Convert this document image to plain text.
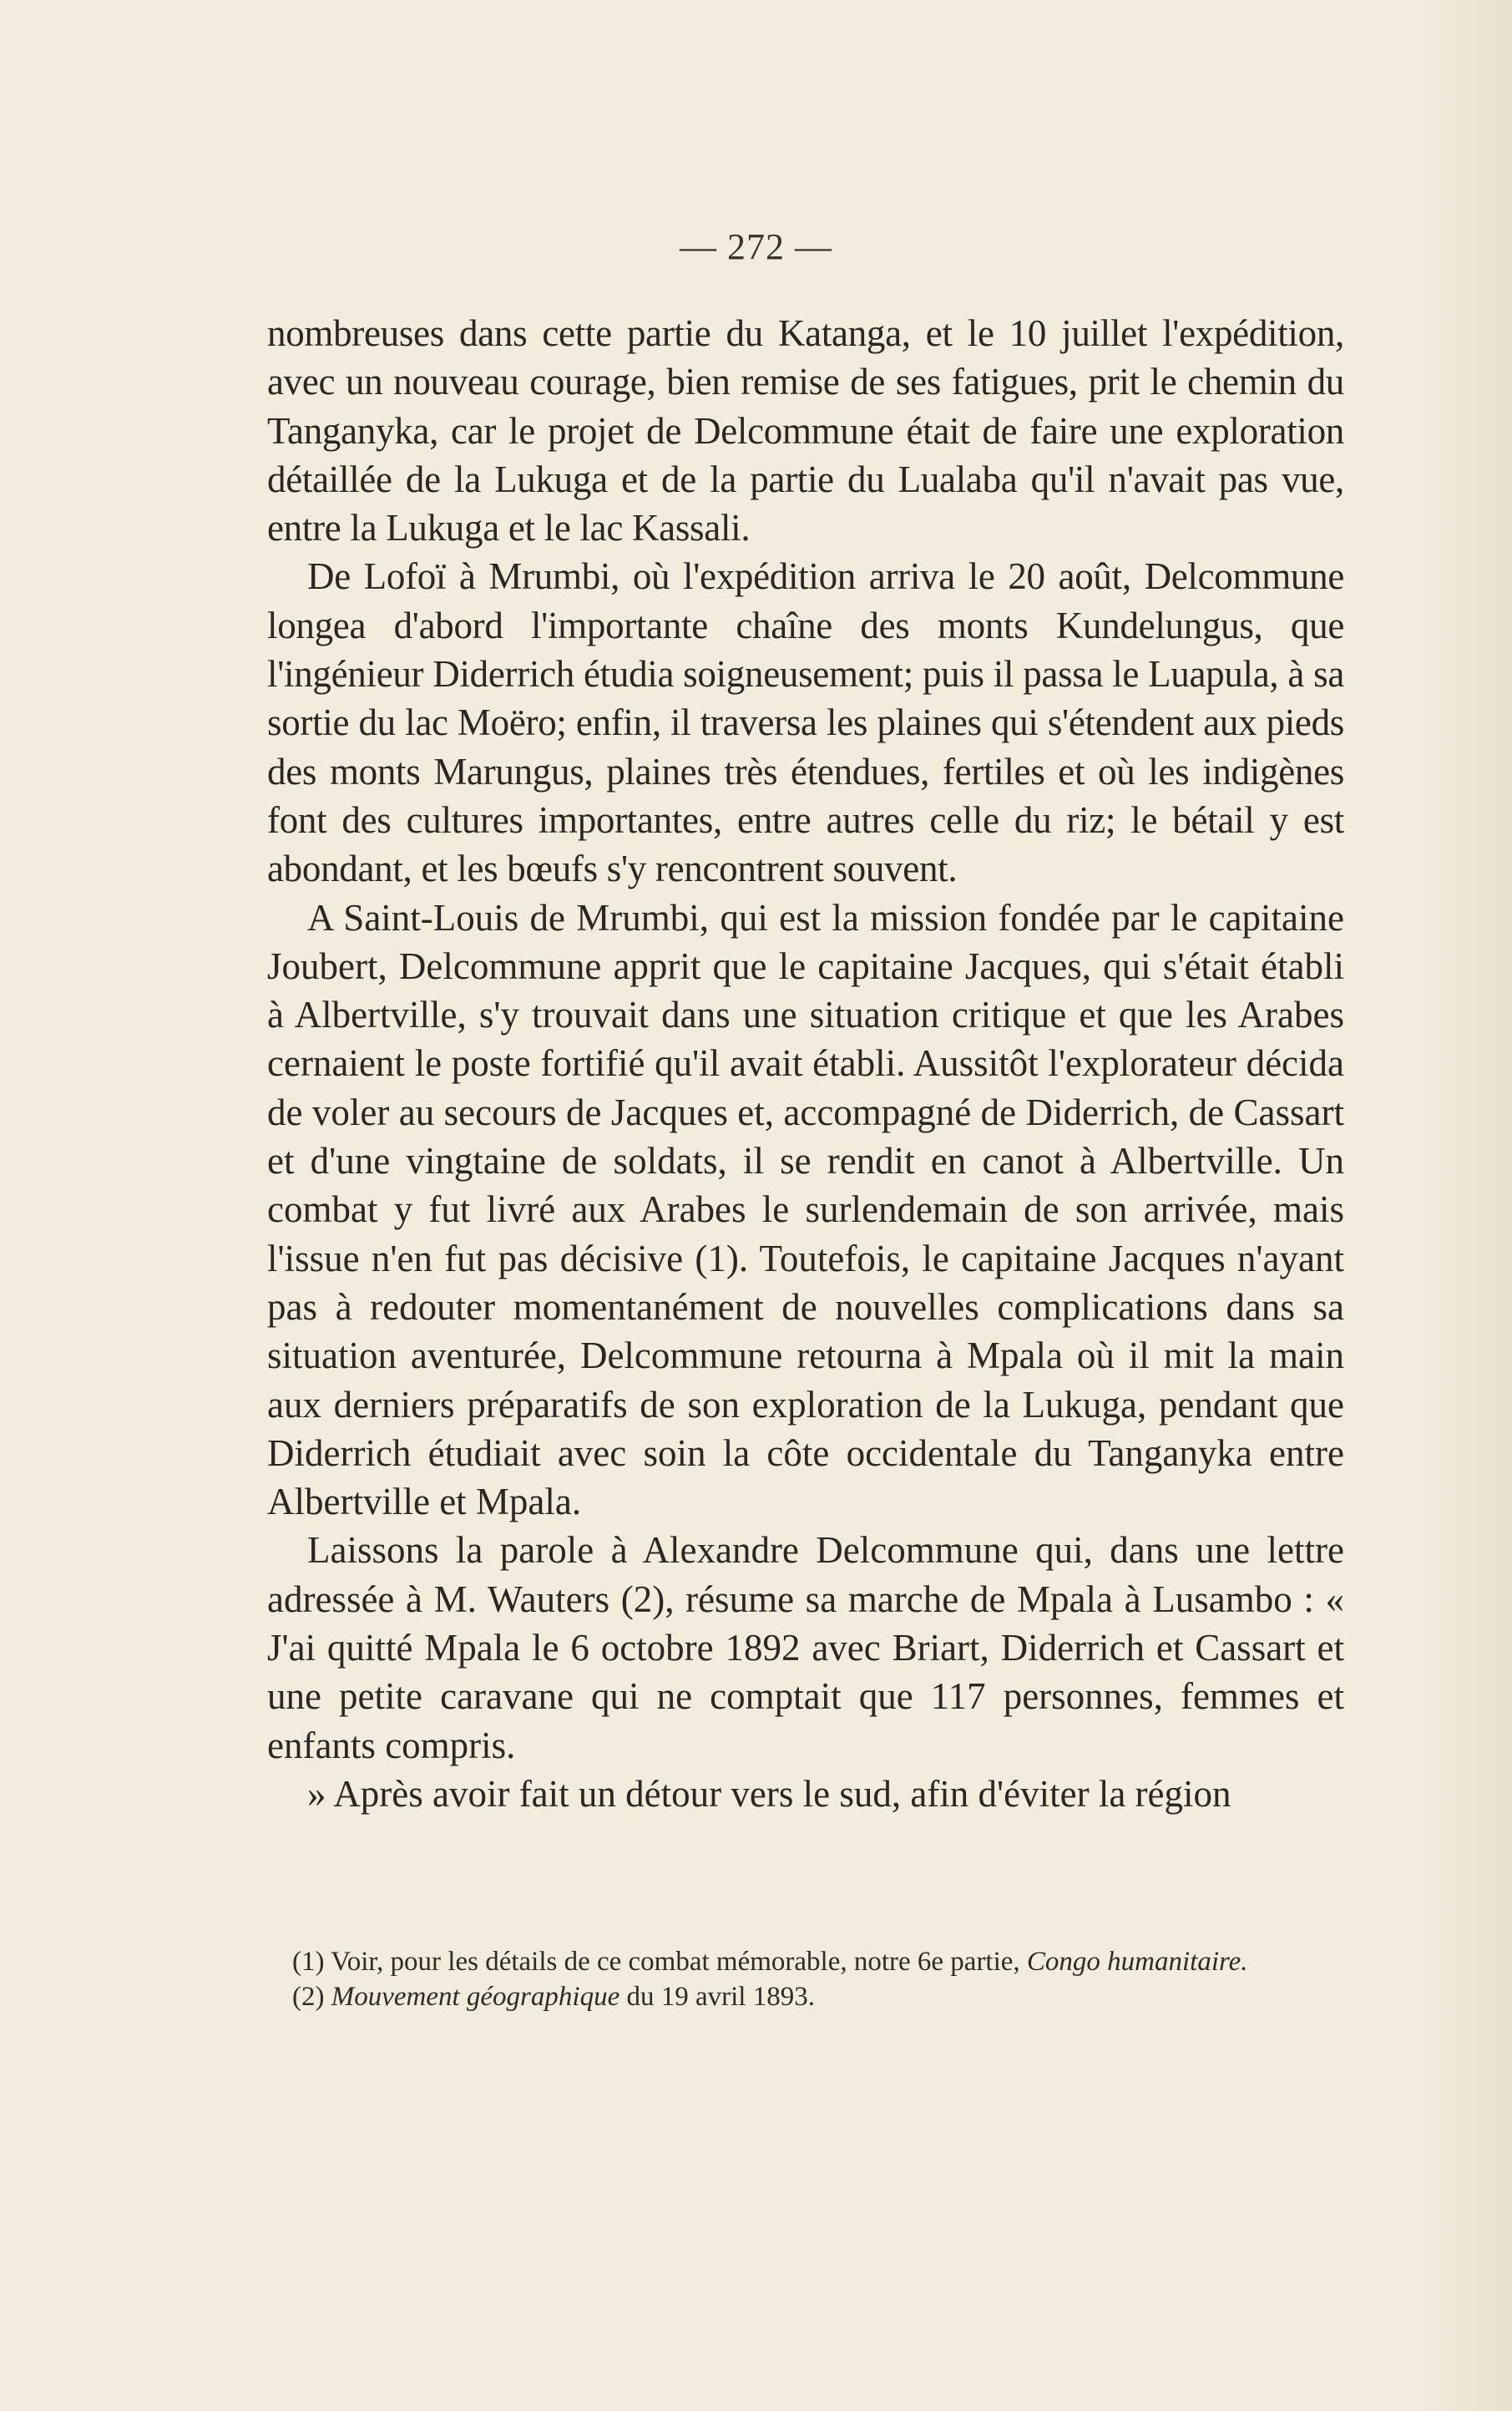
— 272 —

nombreuses dans cette partie du Katanga, et le 10 juillet l'expédition, avec un nouveau courage, bien remise de ses fatigues, prit le chemin du Tanganyka, car le projet de Delcommune était de faire une exploration détaillée de la Lukuga et de la partie du Lualaba qu'il n'avait pas vue, entre la Lukuga et le lac Kassali.

De Lofoï à Mrumbi, où l'expédition arriva le 20 août, Delcommune longea d'abord l'importante chaîne des monts Kundelungus, que l'ingénieur Diderrich étudia soigneusement; puis il passa le Luapula, à sa sortie du lac Moëro; enfin, il traversa les plaines qui s'étendent aux pieds des monts Marungus, plaines très étendues, fertiles et où les indigènes font des cultures importantes, entre autres celle du riz; le bétail y est abondant, et les bœufs s'y rencontrent souvent.

A Saint-Louis de Mrumbi, qui est la mission fondée par le capitaine Joubert, Delcommune apprit que le capitaine Jacques, qui s'était établi à Albertville, s'y trouvait dans une situation critique et que les Arabes cernaient le poste fortifié qu'il avait établi. Aussitôt l'explorateur décida de voler au secours de Jacques et, accompagné de Diderrich, de Cassart et d'une vingtaine de soldats, il se rendit en canot à Albertville. Un combat y fut livré aux Arabes le surlendemain de son arrivée, mais l'issue n'en fut pas décisive (1). Toutefois, le capitaine Jacques n'ayant pas à redouter momentanément de nouvelles complications dans sa situation aventurée, Delcommune retourna à Mpala où il mit la main aux derniers préparatifs de son exploration de la Lukuga, pendant que Diderrich étudiait avec soin la côte occidentale du Tanganyka entre Albertville et Mpala.

Laissons la parole à Alexandre Delcommune qui, dans une lettre adressée à M. Wauters (2), résume sa marche de Mpala à Lusambo : « J'ai quitté Mpala le 6 octobre 1892 avec Briart, Diderrich et Cassart et une petite caravane qui ne comptait que 117 personnes, femmes et enfants compris.

» Après avoir fait un détour vers le sud, afin d'éviter la région

(1) Voir, pour les détails de ce combat mémorable, notre 6e partie, Congo humanitaire.

(2) Mouvement géographique du 19 avril 1893.
